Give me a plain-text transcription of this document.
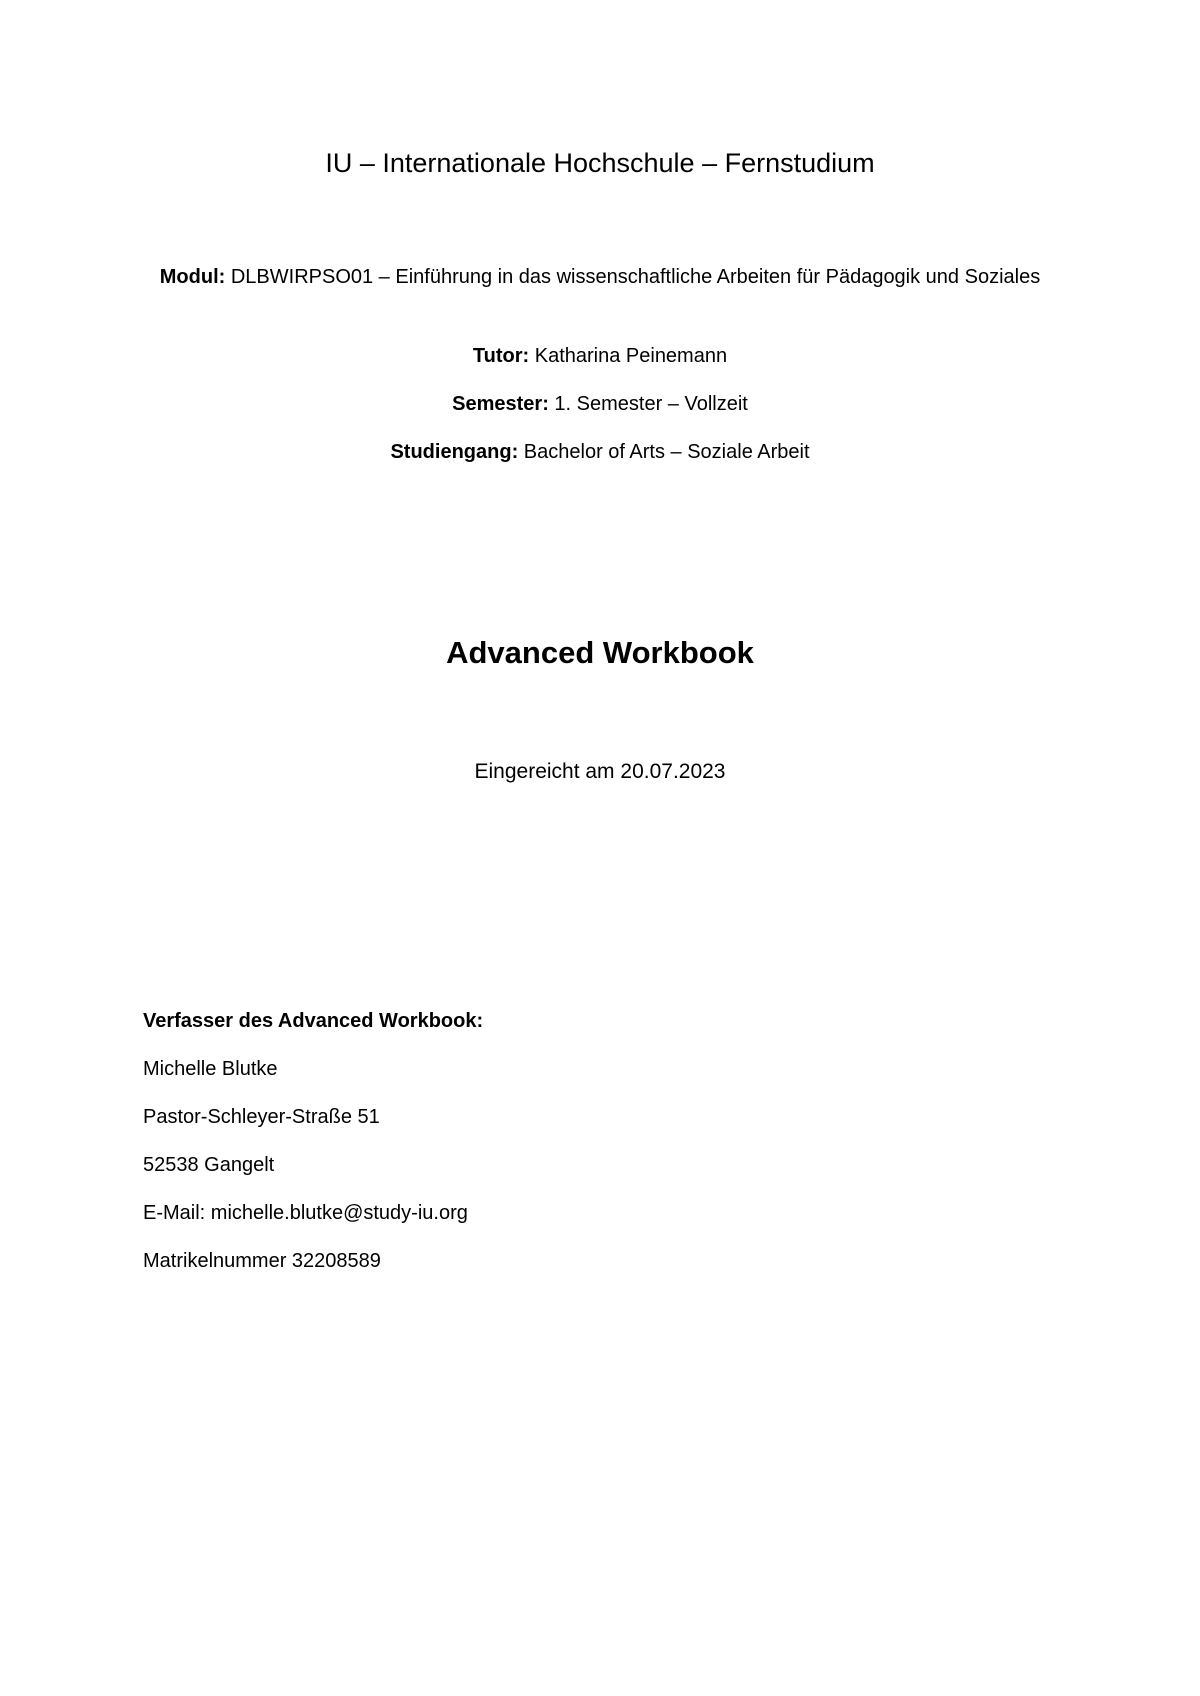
IU – Internationale Hochschule – Fernstudium
Modul: DLBWIRPSO01 – Einführung in das wissenschaftliche Arbeiten für Pädagogik und Soziales
Tutor: Katharina Peinemann
Semester: 1. Semester – Vollzeit
Studiengang: Bachelor of Arts – Soziale Arbeit
Advanced Workbook
Eingereicht am 20.07.2023
Verfasser des Advanced Workbook:
Michelle Blutke
Pastor-Schleyer-Straße 51
52538 Gangelt
E-Mail: michelle.blutke@study-iu.org
Matrikelnummer 32208589
